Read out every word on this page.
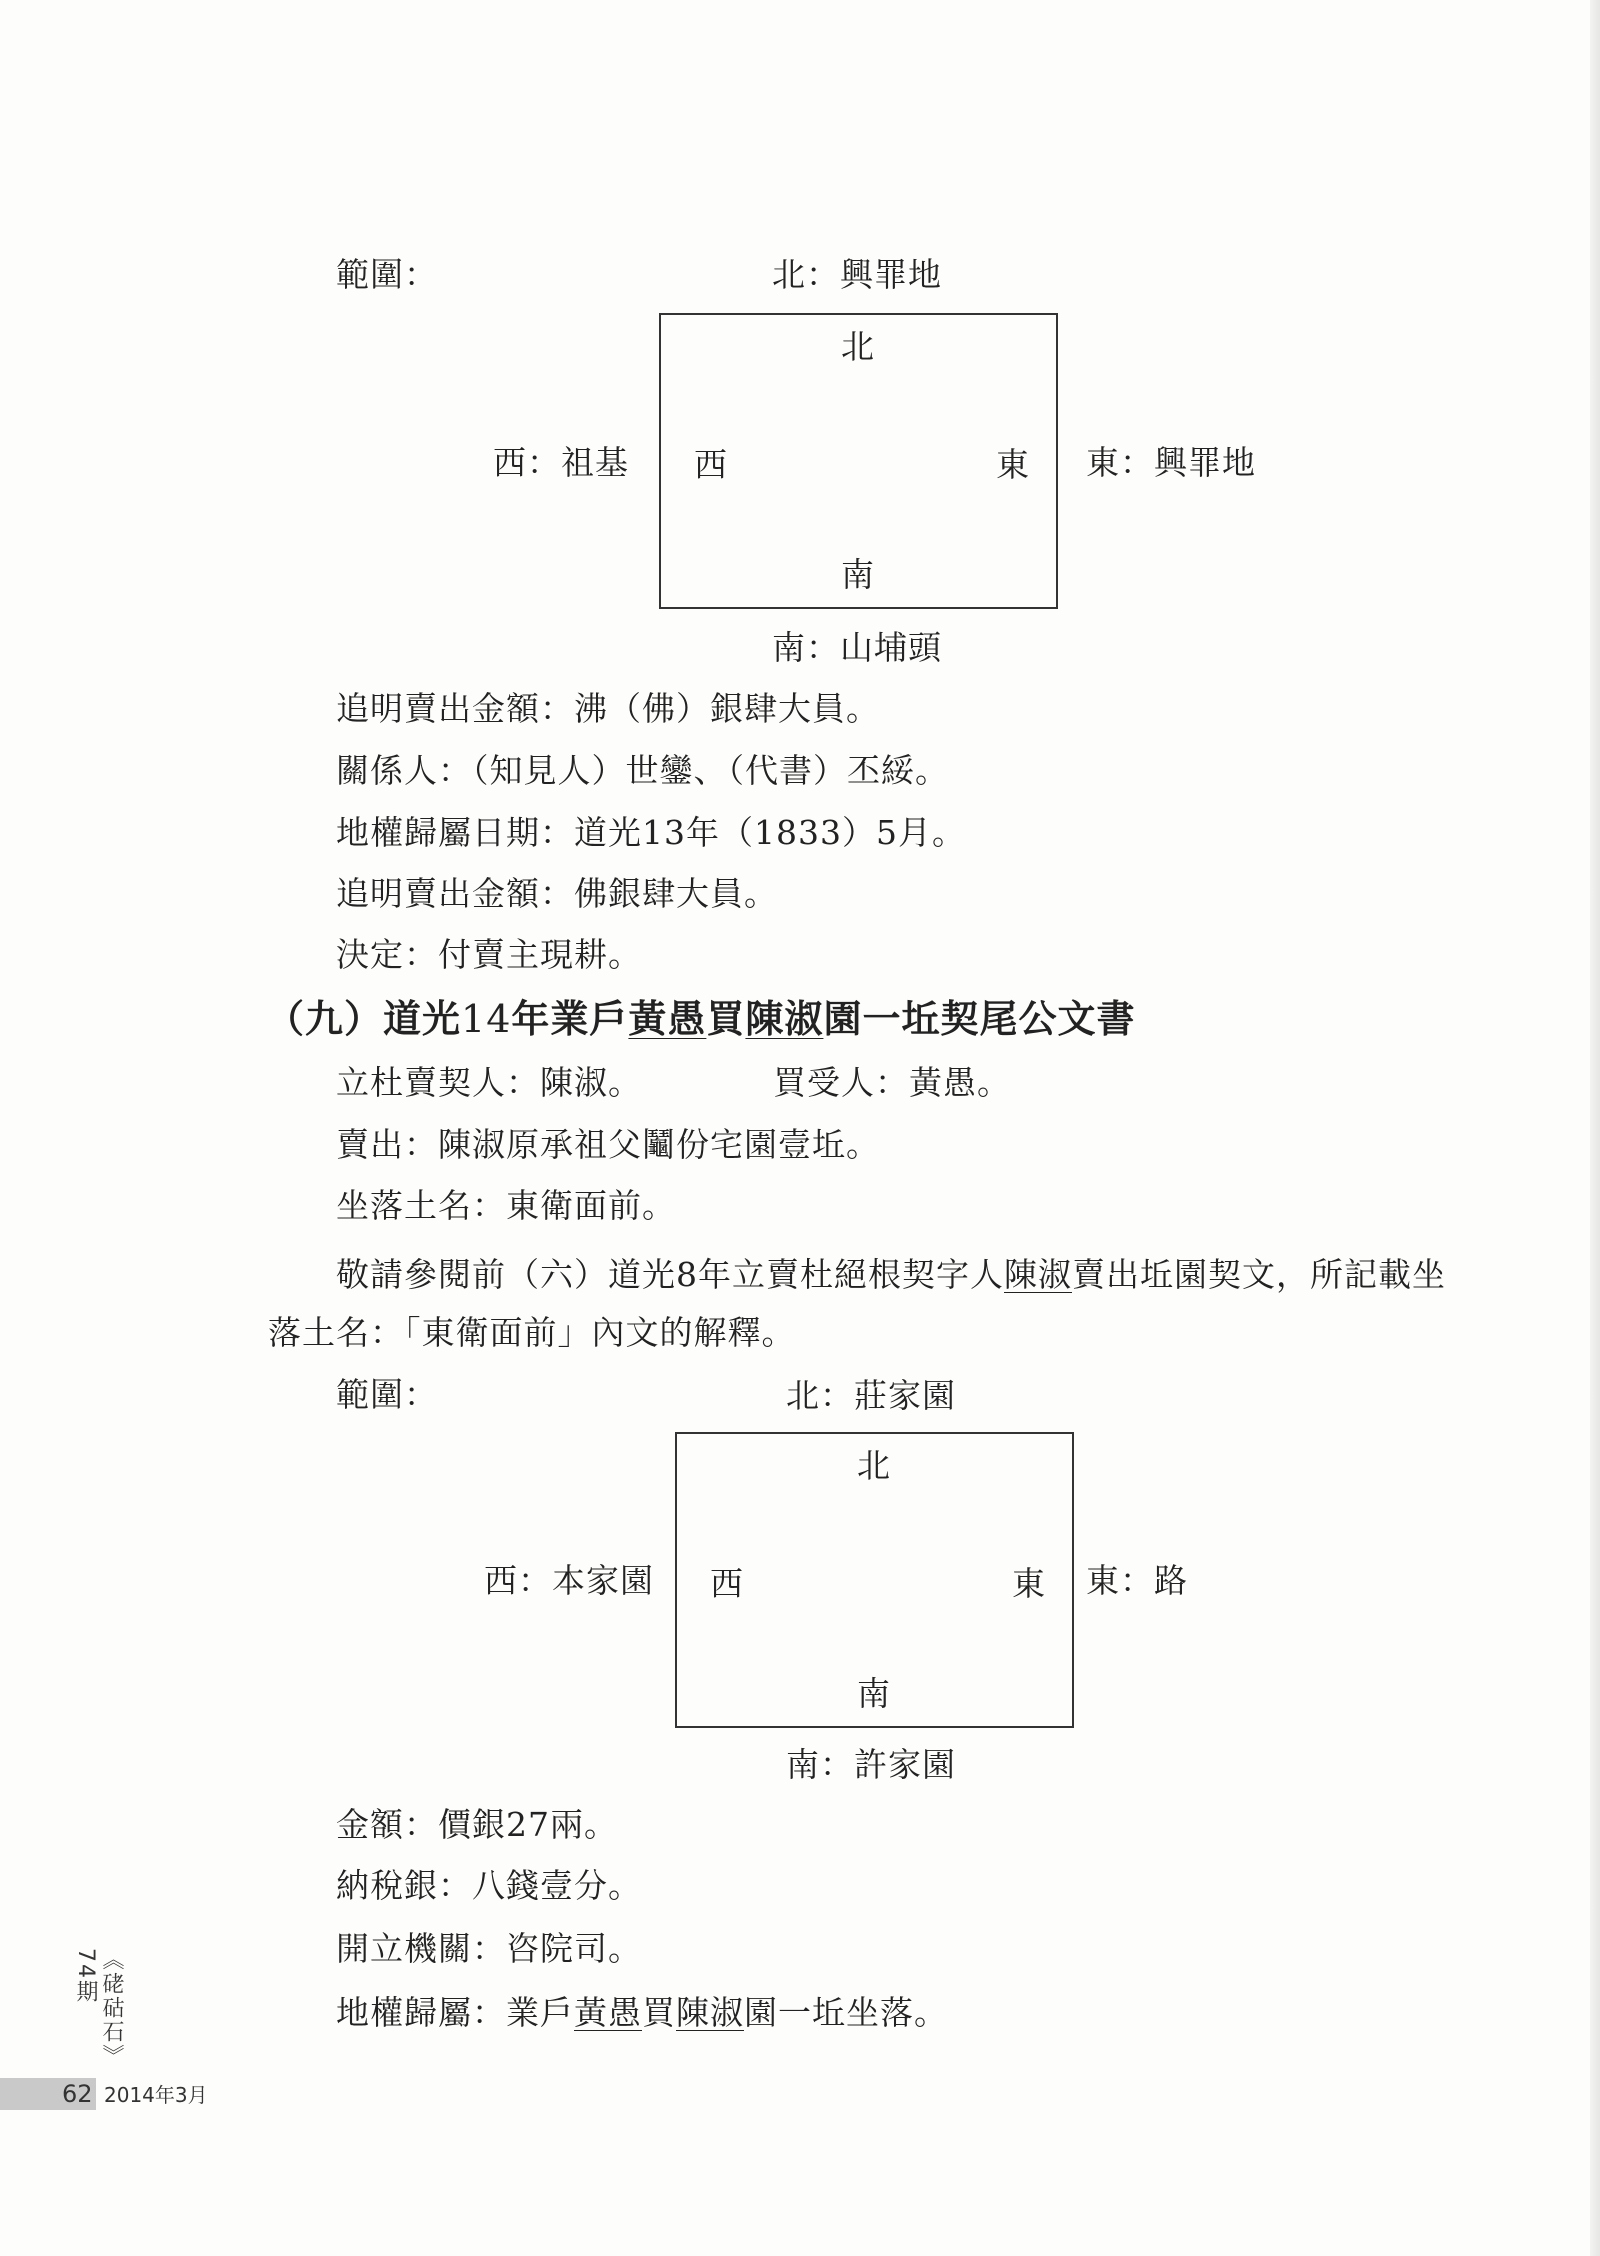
範圍：	北：興罪地
北
西	東
南
西：祖基	東：興罪地
南：山埔頭
追明賣出金額：沸（佛）銀肆大員。
關係人：（知見人）世鑾、（代書）丕綏。
地權歸屬日期：道光13年（1833）5月。
追明賣出金額：佛銀肆大員。
決定：付賣主現耕。
（九）道光14年業戶黃愚買陳淑園一坵契尾公文書
立杜賣契人：陳淑。	買受人：黃愚。
賣出：陳淑原承祖父鬮份宅園壹坵。
坐落土名：東衛面前。
敬請參閱前（六）道光8年立賣杜絕根契字人陳淑賣出坵園契文，所記載坐
落土名：「東衛面前」內文的解釋。
範圍：	北：莊家園
北
西	東
南
西：本家園	東：路
南：許家園
金額：價銀27兩。
納稅銀：八錢壹分。
開立機關：咨院司。
地權歸屬：業戶黃愚買陳淑園一坵坐落。
《硓𥑮石》74期
62 2014年3月
